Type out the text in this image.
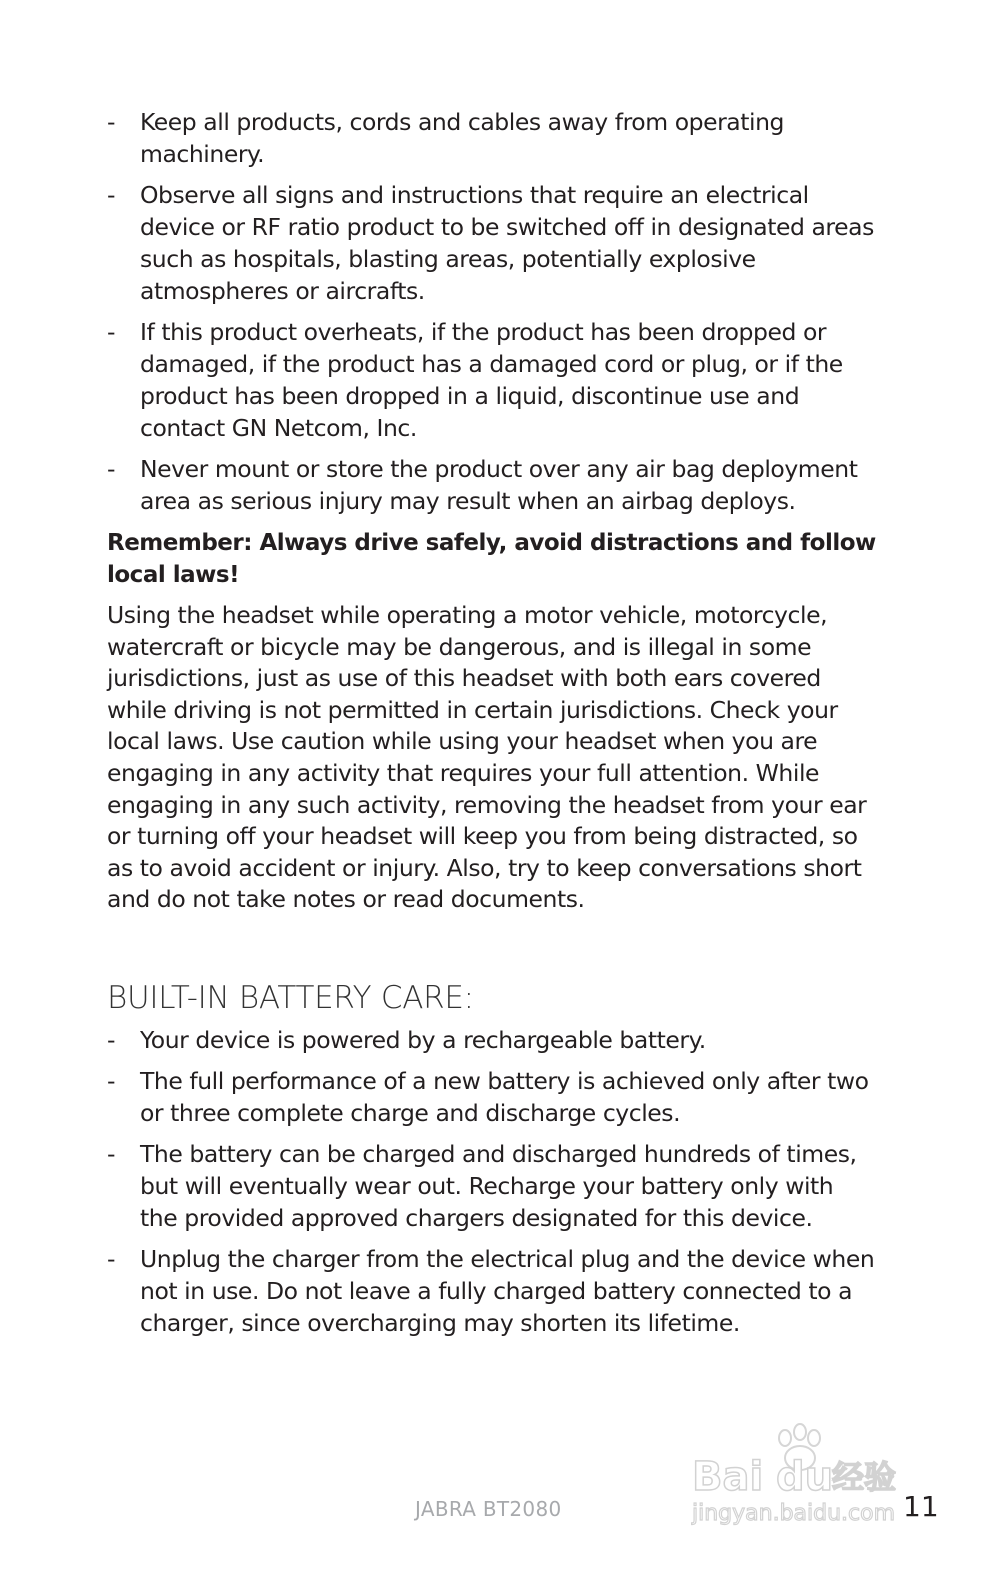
- Keep all products, cords and cables away from operating machinery.
- Observe all signs and instructions that require an electrical device or RF ratio product to be switched off in designated areas such as hospitals, blasting areas, potentially explosive atmospheres or aircrafts.
- If this product overheats, if the product has been dropped or damaged, if the product has a damaged cord or plug, or if the product has been dropped in a liquid, discontinue use and contact GN Netcom, Inc.
- Never mount or store the product over any air bag deployment area as serious injury may result when an airbag deploys.

Remember: Always drive safely, avoid distractions and follow local laws!

Using the headset while operating a motor vehicle, motorcycle, watercraft or bicycle may be dangerous, and is illegal in some jurisdictions, just as use of this headset with both ears covered while driving is not permitted in certain jurisdictions. Check your local laws. Use caution while using your headset when you are engaging in any activity that requires your full attention. While engaging in any such activity, removing the headset from your ear or turning off your headset will keep you from being distracted, so as to avoid accident or injury. Also, try to keep conversations short and do not take notes or read documents.

BUILT-IN BATTERY CARE:
- Your device is powered by a rechargeable battery.
- The full performance of a new battery is achieved only after two or three complete charge and discharge cycles.
- The battery can be charged and discharged hundreds of times, but will eventually wear out. Recharge your battery only with the provided approved chargers designated for this device.
- Unplug the charger from the electrical plug and the device when not in use. Do not leave a fully charged battery connected to a charger, since overcharging may shorten its lifetime.
JABRA BT2080
Bai du
经验
jingyan.baidu.com 11
